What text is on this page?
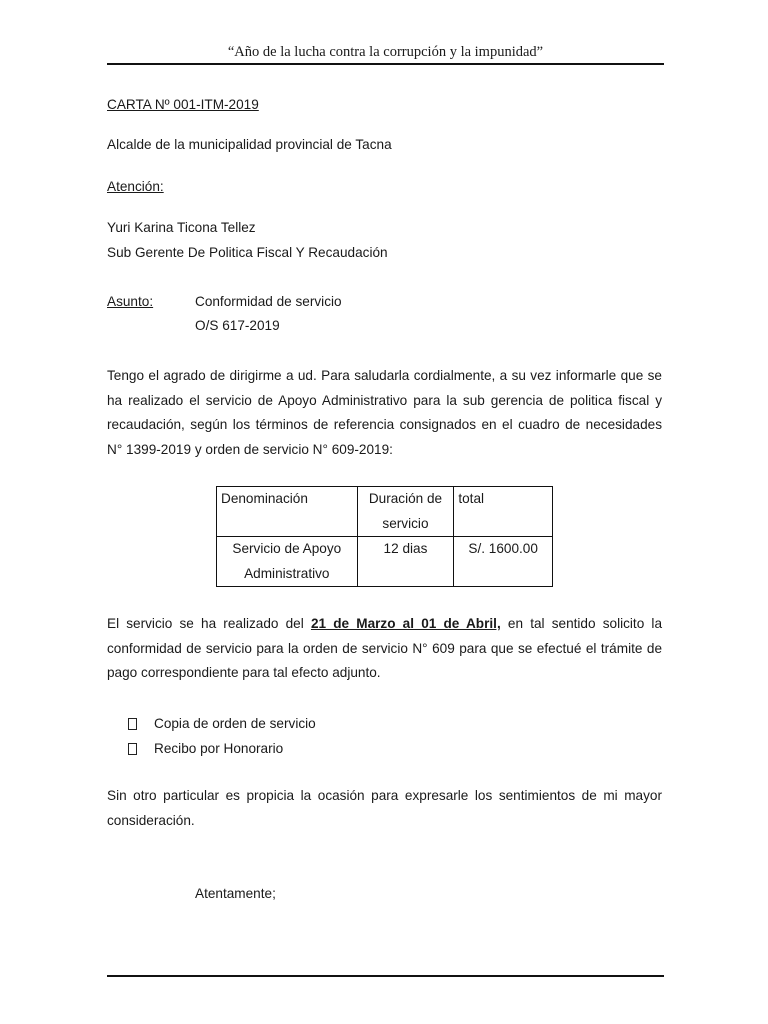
“Año de la lucha contra la corrupción y la impunidad”
CARTA Nº 001-ITM-2019
Alcalde de la municipalidad provincial de Tacna
Atención:
Yuri Karina Ticona Tellez
Sub Gerente De Politica Fiscal Y Recaudación
Asunto:	Conformidad de servicio
O/S 617-2019
Tengo el agrado de dirigirme a ud. Para saludarla cordialmente, a su vez informarle que se ha realizado el servicio de Apoyo Administrativo para la sub gerencia de politica fiscal y recaudación, según los términos de referencia consignados en el cuadro de necesidades N° 1399-2019 y orden de servicio N° 609-2019:
Denominación	Duración de servicio	total
Servicio de Apoyo Administrativo	12 dias	S/. 1600.00
El servicio se ha realizado del 21 de Marzo al 01 de Abril, en tal sentido solicito la conformidad de servicio para la orden de servicio N° 609 para que se efectué el trámite de pago correspondiente para tal efecto adjunto.
Copia de orden de servicio
Recibo por Honorario
Sin otro particular es propicia la ocasión para expresarle los sentimientos de mi mayor consideración.
Atentamente;
